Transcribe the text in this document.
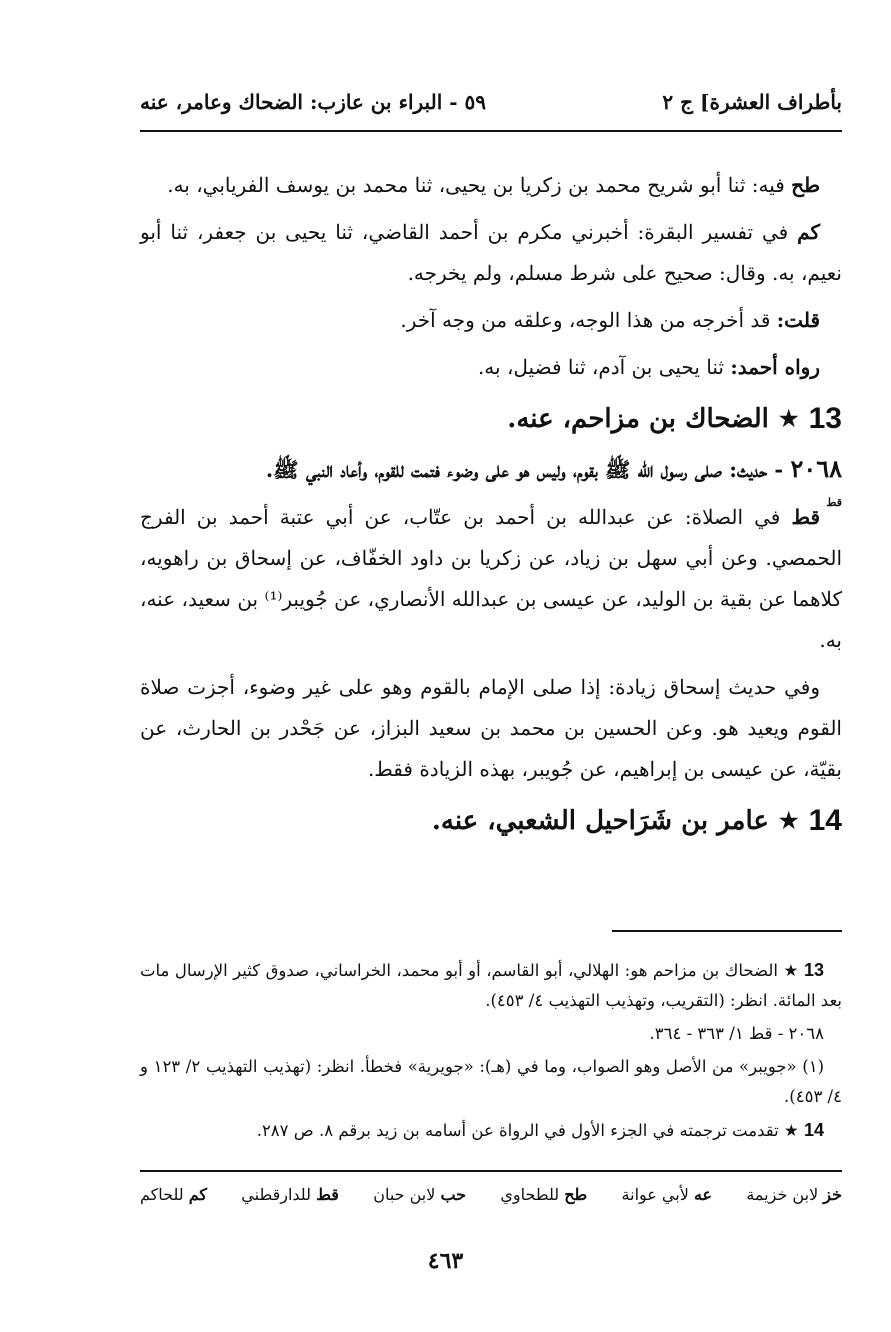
بأطراف العشرة] ج ٢
٥٩ - البراء بن عازب: الضحاك وعامر، عنه

طح فيه: ثنا أبو شريح محمد بن زكريا بن يحيى، ثنا محمد بن يوسف الفريابي، به.

كم في تفسير البقرة: أخبرني مكرم بن أحمد القاضي، ثنا يحيى بن جعفر، ثنا أبو نعيم، به. وقال: صحيح على شرط مسلم، ولم يخرجه.

قلت: قد أخرجه من هذا الوجه، وعلقه من وجه آخر.

رواه أحمد: ثنا يحيى بن آدم، ثنا فضيل، به.

13
★
الضحاك بن مزاحم، عنه.
٢٠٦٨ - حديث: صلى رسول الله ﷺ بقوم، وليس هو على وضوء فتمت للقوم، وأعاد النبي ﷺ.
قط

قط في الصلاة: عن عبدالله بن أحمد بن عتّاب، عن أبي عتبة أحمد بن الفرج الحمصي. وعن أبي سهل بن زياد، عن زكريا بن داود الخفّاف، عن إسحاق بن راهويه، كلاهما عن بقية بن الوليد، عن عيسى بن عبدالله الأنصاري، عن جُويبر⁽¹⁾ بن سعيد، عنه، به.

وفي حديث إسحاق زيادة: إذا صلى الإمام بالقوم وهو على غير وضوء، أجزت صلاة القوم ويعيد هو. وعن الحسين بن محمد بن سعيد البزاز، عن جَحْدر بن الحارث، عن بقيّة، عن عيسى بن إبراهيم، عن جُويبر، بهذه الزيادة فقط.

14
★
عامر بن شَرَاحيل الشعبي، عنه.

13 ★ الضحاك بن مزاحم هو: الهلالي، أبو القاسم، أو أبو محمد، الخراساني، صدوق كثير الإرسال مات بعد المائة. انظر: (التقريب، وتهذيب التهذيب ٤/ ٤٥٣).

٢٠٦٨ - قط ١/ ٣٦٣ - ٣٦٤.

(١) «جويبر» من الأصل وهو الصواب، وما في (هـ): «جويرية» فخطأ. انظر: (تهذيب التهذيب ٢/ ١٢٣ و ٤/ ٤٥٣).

14 ★ تقدمت ترجمته في الجزء الأول في الرواة عن أسامه بن زيد برقم ٨. ص ٢٨٧.

خز لابن خزيمة
عه لأبي عوانة
طح للطحاوي
حب لابن حبان
قط للدارقطني
كم للحاكم
٤٦٣
